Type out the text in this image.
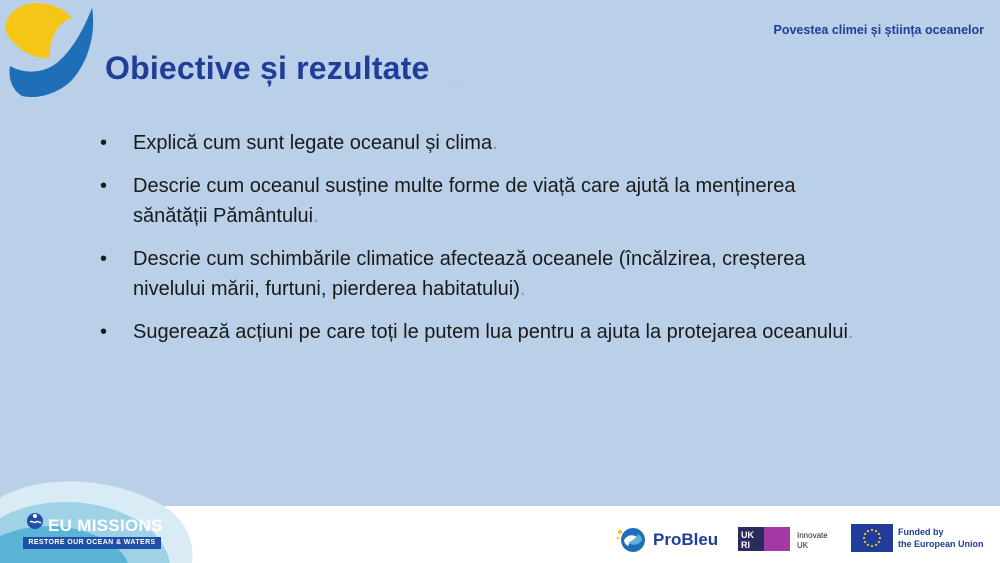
Povestea climei și știința oceanelor
Obiective și rezultate ...
• Explică cum sunt legate oceanul și clima.
• Descrie cum oceanul susține multe forme de viață care ajută la menținerea sănătății Pământului.
• Descrie cum schimbările climatice afectează oceanele (încălzirea, creșterea nivelului mării, furtuni, pierderea habitatului).
• Sugerează acțiuni pe care toți le putem lua pentru a ajuta la protejarea oceanului.
EU MISSIONS
RESTORE OUR OCEAN & WATERS	ProBleu	UK
RI
Innovate
UK
Funded by
the European Union
